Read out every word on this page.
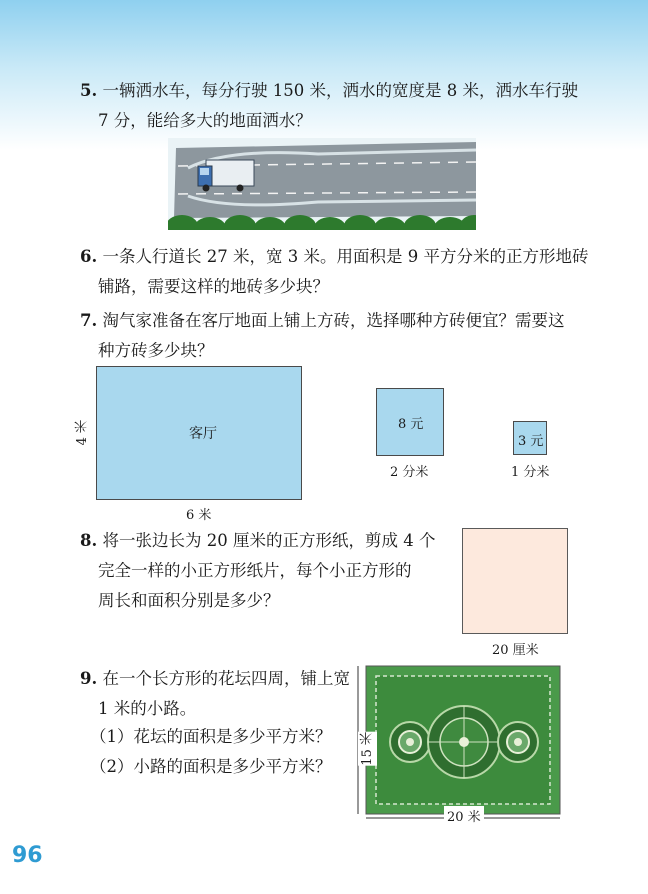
5. 一辆洒水车，每分行驶 150 米，洒水的宽度是 8 米，洒水车行驶
7 分，能给多大的地面洒水？
6. 一条人行道长 27 米，宽 3 米。用面积是 9 平方分米的正方形地砖
铺路，需要这样的地砖多少块？
7. 淘气家准备在客厅地面上铺上方砖，选择哪种方砖便宜？需要这
种方砖多少块？
客厅
4 米
6 米
8 元
2 分米
3 元
1 分米
8. 将一张边长为 20 厘米的正方形纸，剪成 4 个
完全一样的小正方形纸片，每个小正方形的
周长和面积分别是多少？
20 厘米
9. 在一个长方形的花坛四周，铺上宽
1 米的小路。
（1）花坛的面积是多少平方米？
（2）小路的面积是多少平方米？
15 米
20 米
96
